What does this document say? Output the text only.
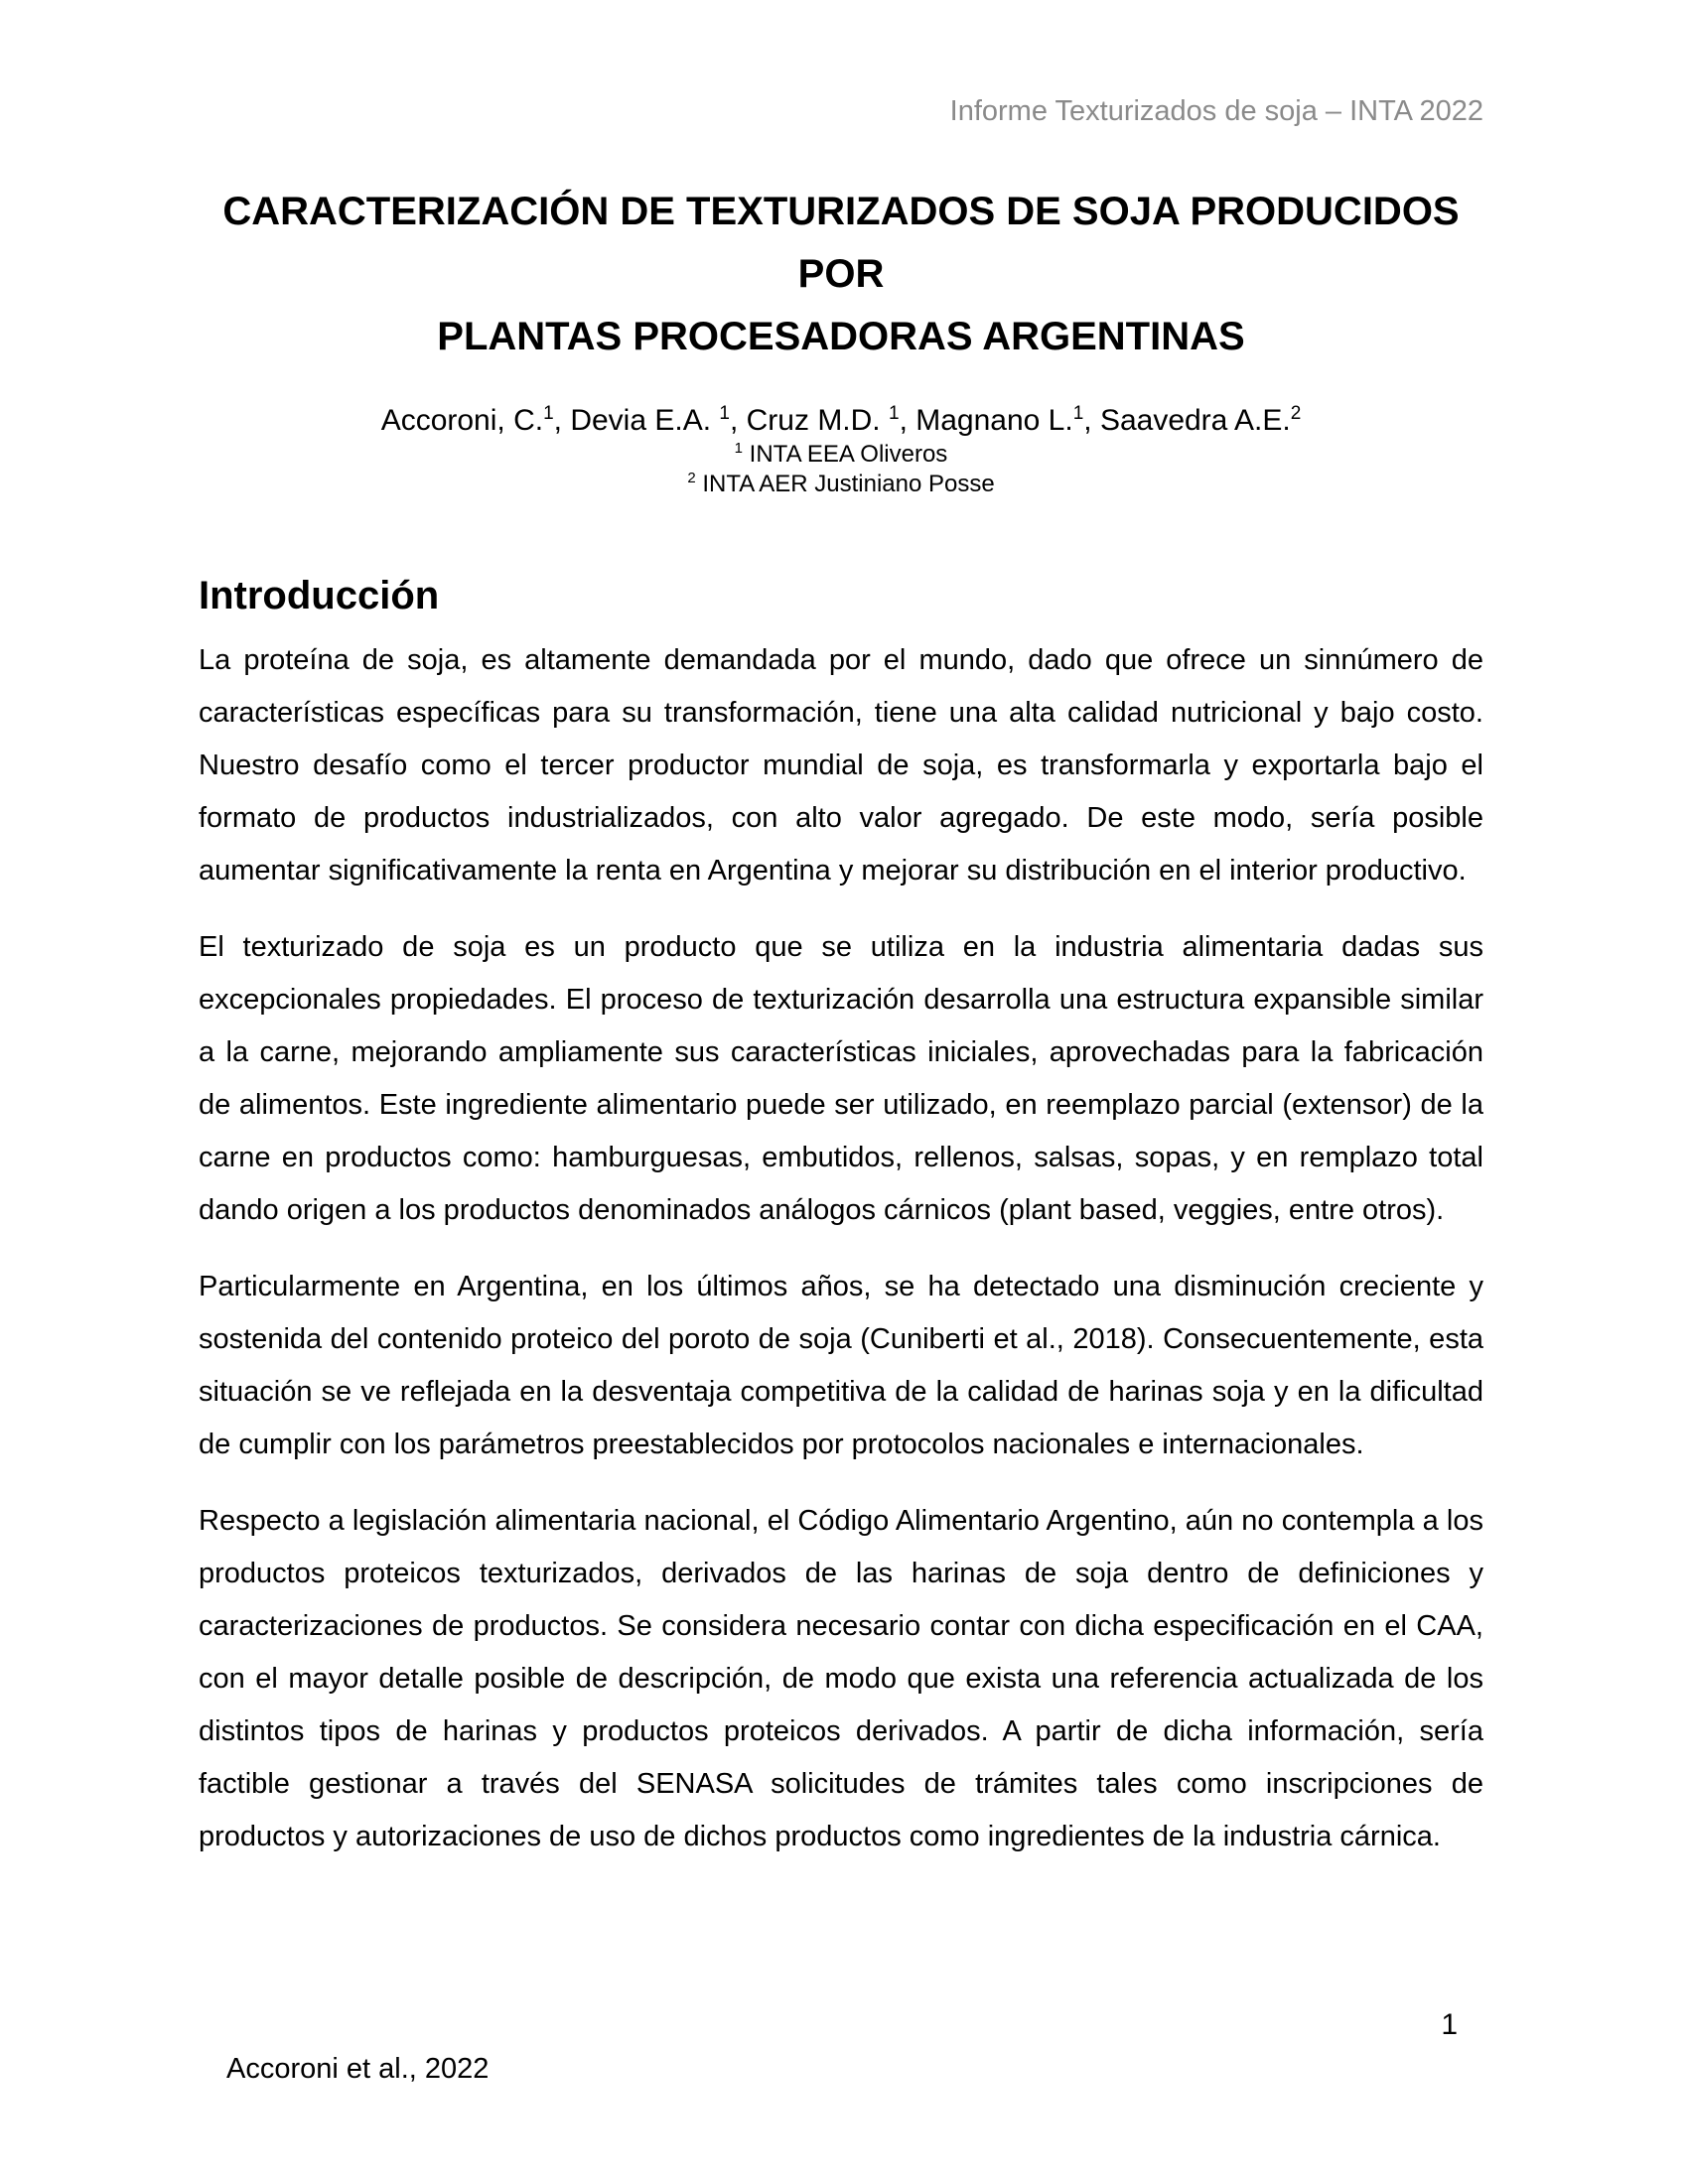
Informe Texturizados de soja – INTA 2022
CARACTERIZACIÓN DE TEXTURIZADOS DE SOJA PRODUCIDOS POR
PLANTAS PROCESADORAS ARGENTINAS
Accoroni, C.$^1$, Devia E.A. $^1$, Cruz M.D. $^1$, Magnano L.$^1$, Saavedra A.E.$^2$
$^1$ INTA EEA Oliveros
$^2$ INTA AER Justiniano Posse
Introducción

La proteína de soja, es altamente demandada por el mundo, dado que ofrece un sinnúmero de características específicas para su transformación, tiene una alta calidad nutricional y bajo costo. Nuestro desafío como el tercer productor mundial de soja, es transformarla y exportarla bajo el formato de productos industrializados, con alto valor agregado. De este modo, sería posible aumentar significativamente la renta en Argentina y mejorar su distribución en el interior productivo.

El texturizado de soja es un producto que se utiliza en la industria alimentaria dadas sus excepcionales propiedades. El proceso de texturización desarrolla una estructura expansible similar a la carne, mejorando ampliamente sus características iniciales, aprovechadas para la fabricación de alimentos. Este ingrediente alimentario puede ser utilizado, en reemplazo parcial (extensor) de la carne en productos como: hamburguesas, embutidos, rellenos, salsas, sopas, y en remplazo total dando origen a los productos denominados análogos cárnicos (plant based, veggies, entre otros).

Particularmente en Argentina, en los últimos años, se ha detectado una disminución creciente y sostenida del contenido proteico del poroto de soja (Cuniberti et al., 2018). Consecuentemente, esta situación se ve reflejada en la desventaja competitiva de la calidad de harinas soja y en la dificultad de cumplir con los parámetros preestablecidos por protocolos nacionales e internacionales.

Respecto a legislación alimentaria nacional, el Código Alimentario Argentino, aún no contempla a los productos proteicos texturizados, derivados de las harinas de soja dentro de definiciones y caracterizaciones de productos. Se considera necesario contar con dicha especificación en el CAA, con el mayor detalle posible de descripción, de modo que exista una referencia actualizada de los distintos tipos de harinas y productos proteicos derivados. A partir de dicha información, sería factible gestionar a través del SENASA solicitudes de trámites tales como inscripciones de productos y autorizaciones de uso de dichos productos como ingredientes de la industria cárnica.

1
Accoroni et al., 2022
